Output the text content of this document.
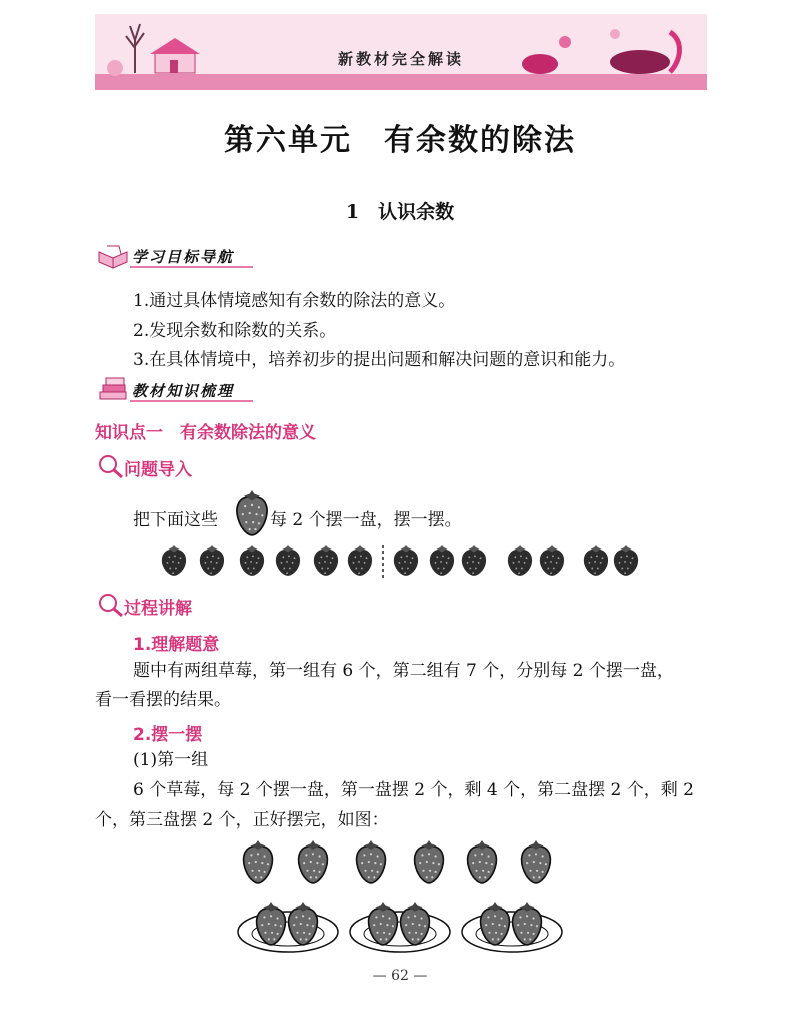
新教材完全解读
第六单元　有余数的除法
1　认识余数
学习目标导航
1.通过具体情境感知有余数的除法的意义。
2.发现余数和除数的关系。
3.在具体情境中，培养初步的提出问题和解决问题的意识和能力。
教材知识梳理
知识点一　有余数除法的意义
问题导入
把下面这些	每 2 个摆一盘，摆一摆。
过程讲解
1.理解题意
题中有两组草莓，第一组有 6 个，第二组有 7 个，分别每 2 个摆一盘，
看一看摆的结果。
2.摆一摆
(1)第一组
6 个草莓，每 2 个摆一盘，第一盘摆 2 个，剩 4 个，第二盘摆 2 个，剩 2
个，第三盘摆 2 个，正好摆完，如图：
— 62 —
